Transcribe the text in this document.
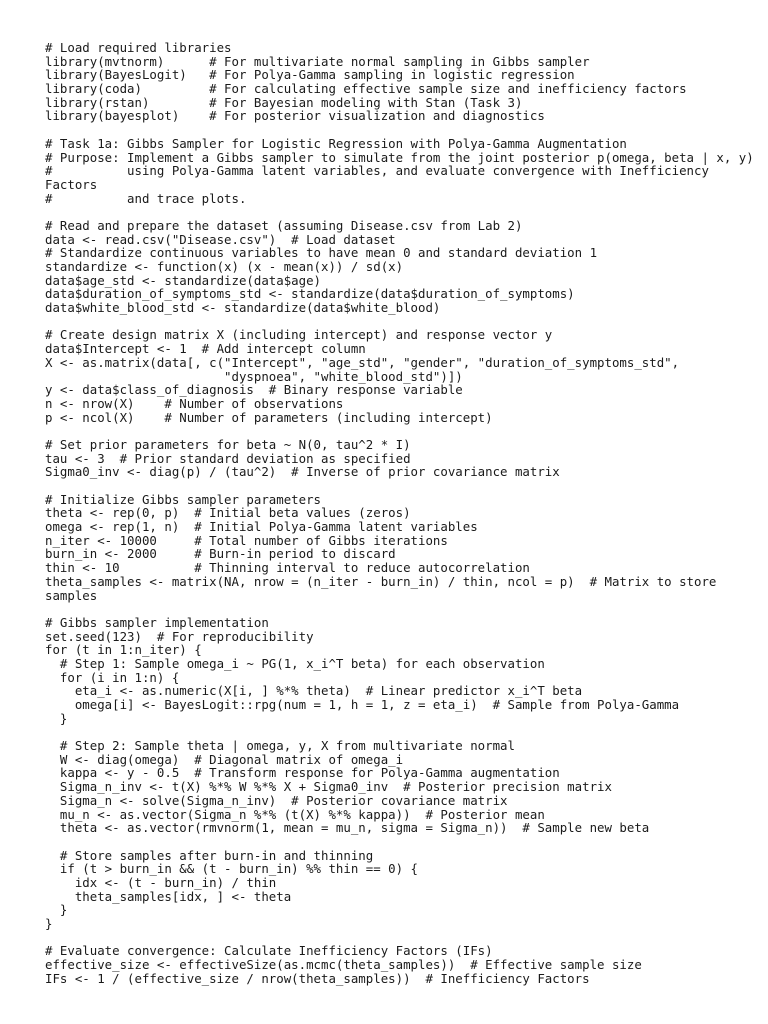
# Load required libraries
library(mvtnorm)      # For multivariate normal sampling in Gibbs sampler
library(BayesLogit)   # For Polya-Gamma sampling in logistic regression
library(coda)         # For calculating effective sample size and inefficiency factors
library(rstan)        # For Bayesian modeling with Stan (Task 3)
library(bayesplot)    # For posterior visualization and diagnostics
# Task 1a: Gibbs Sampler for Logistic Regression with Polya-Gamma Augmentation
# Purpose: Implement a Gibbs sampler to simulate from the joint posterior p(omega, beta | x, y)
#          using Polya-Gamma latent variables, and evaluate convergence with Inefficiency
Factors
#          and trace plots.
# Read and prepare the dataset (assuming Disease.csv from Lab 2)
data <- read.csv("Disease.csv")  # Load dataset
# Standardize continuous variables to have mean 0 and standard deviation 1
standardize <- function(x) (x - mean(x)) / sd(x)
data$age_std <- standardize(data$age)
data$duration_of_symptoms_std <- standardize(data$duration_of_symptoms)
data$white_blood_std <- standardize(data$white_blood)
# Create design matrix X (including intercept) and response vector y
data$Intercept <- 1  # Add intercept column
X <- as.matrix(data[, c("Intercept", "age_std", "gender", "duration_of_symptoms_std",
"dyspnoea", "white_blood_std")])
y <- data$class_of_diagnosis  # Binary response variable
n <- nrow(X)    # Number of observations
p <- ncol(X)    # Number of parameters (including intercept)
# Set prior parameters for beta ~ N(0, tau^2 * I)
tau <- 3  # Prior standard deviation as specified
Sigma0_inv <- diag(p) / (tau^2)  # Inverse of prior covariance matrix
# Initialize Gibbs sampler parameters
theta <- rep(0, p)  # Initial beta values (zeros)
omega <- rep(1, n)  # Initial Polya-Gamma latent variables
n_iter <- 10000     # Total number of Gibbs iterations
burn_in <- 2000     # Burn-in period to discard
thin <- 10          # Thinning interval to reduce autocorrelation
theta_samples <- matrix(NA, nrow = (n_iter - burn_in) / thin, ncol = p)  # Matrix to store
samples
# Gibbs sampler implementation
set.seed(123)  # For reproducibility
for (t in 1:n_iter) {
# Step 1: Sample omega_i ~ PG(1, x_i^T beta) for each observation
for (i in 1:n) {
eta_i <- as.numeric(X[i, ] %*% theta)  # Linear predictor x_i^T beta
omega[i] <- BayesLogit::rpg(num = 1, h = 1, z = eta_i)  # Sample from Polya-Gamma
}
# Step 2: Sample theta | omega, y, X from multivariate normal
W <- diag(omega)  # Diagonal matrix of omega_i
kappa <- y - 0.5  # Transform response for Polya-Gamma augmentation
Sigma_n_inv <- t(X) %*% W %*% X + Sigma0_inv  # Posterior precision matrix
Sigma_n <- solve(Sigma_n_inv)  # Posterior covariance matrix
mu_n <- as.vector(Sigma_n %*% (t(X) %*% kappa))  # Posterior mean
theta <- as.vector(rmvnorm(1, mean = mu_n, sigma = Sigma_n))  # Sample new beta
# Store samples after burn-in and thinning
if (t > burn_in && (t - burn_in) %% thin == 0) {
idx <- (t - burn_in) / thin
theta_samples[idx, ] <- theta
}
}
# Evaluate convergence: Calculate Inefficiency Factors (IFs)
effective_size <- effectiveSize(as.mcmc(theta_samples))  # Effective sample size
IFs <- 1 / (effective_size / nrow(theta_samples))  # Inefficiency Factors
